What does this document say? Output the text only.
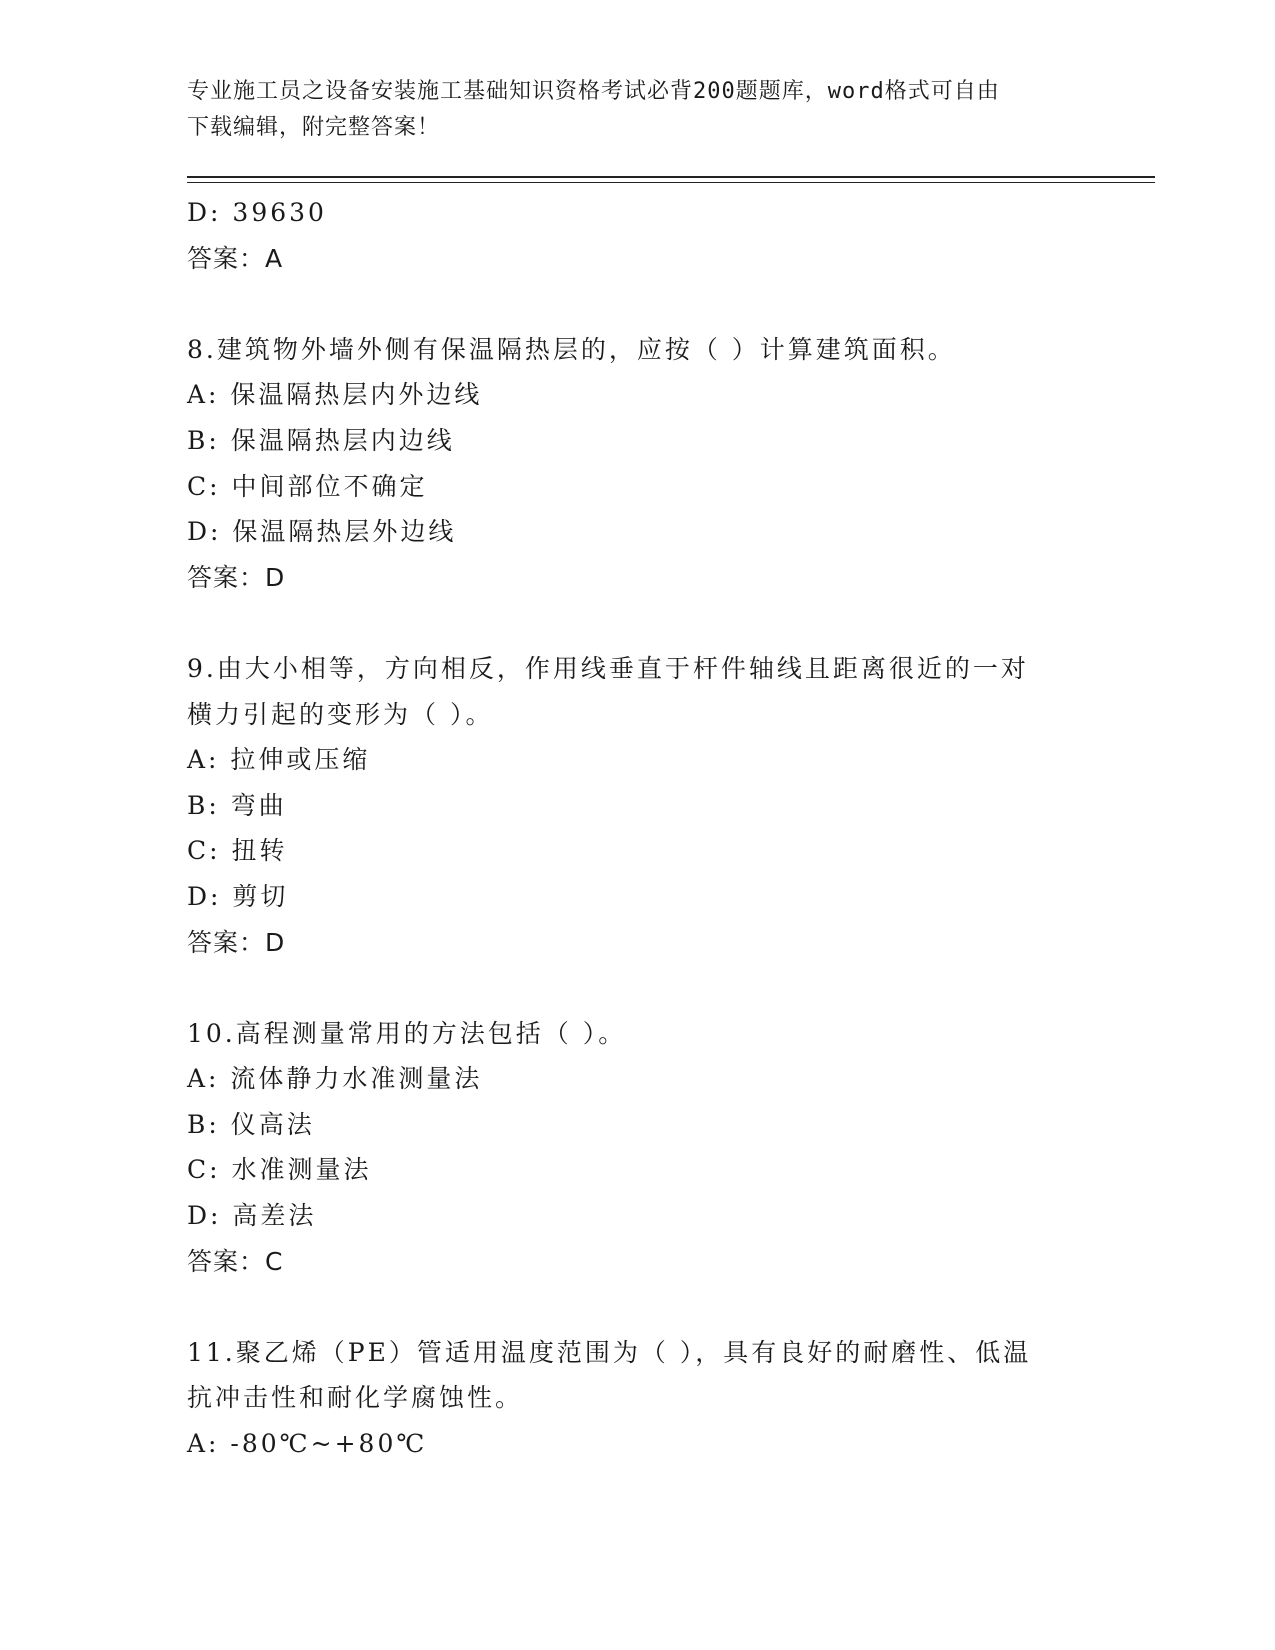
专业施工员之设备安装施工基础知识资格考试必背200题题库，word格式可自由
下载编辑，附完整答案！
D: 39630
答案：A
8.建筑物外墙外侧有保温隔热层的，应按（ ）计算建筑面积。
A: 保温隔热层内外边线
B: 保温隔热层内边线
C: 中间部位不确定
D: 保温隔热层外边线
答案：D
9.由大小相等，方向相反，作用线垂直于杆件轴线且距离很近的一对
横力引起的变形为（ ）。
A: 拉伸或压缩
B: 弯曲
C: 扭转
D: 剪切
答案：D
10.高程测量常用的方法包括（ ）。
A: 流体静力水准测量法
B: 仪高法
C: 水准测量法
D: 高差法
答案：C
11.聚乙烯（PE）管适用温度范围为（ ），具有良好的耐磨性、低温
抗冲击性和耐化学腐蚀性。
A: -80℃~+80℃
